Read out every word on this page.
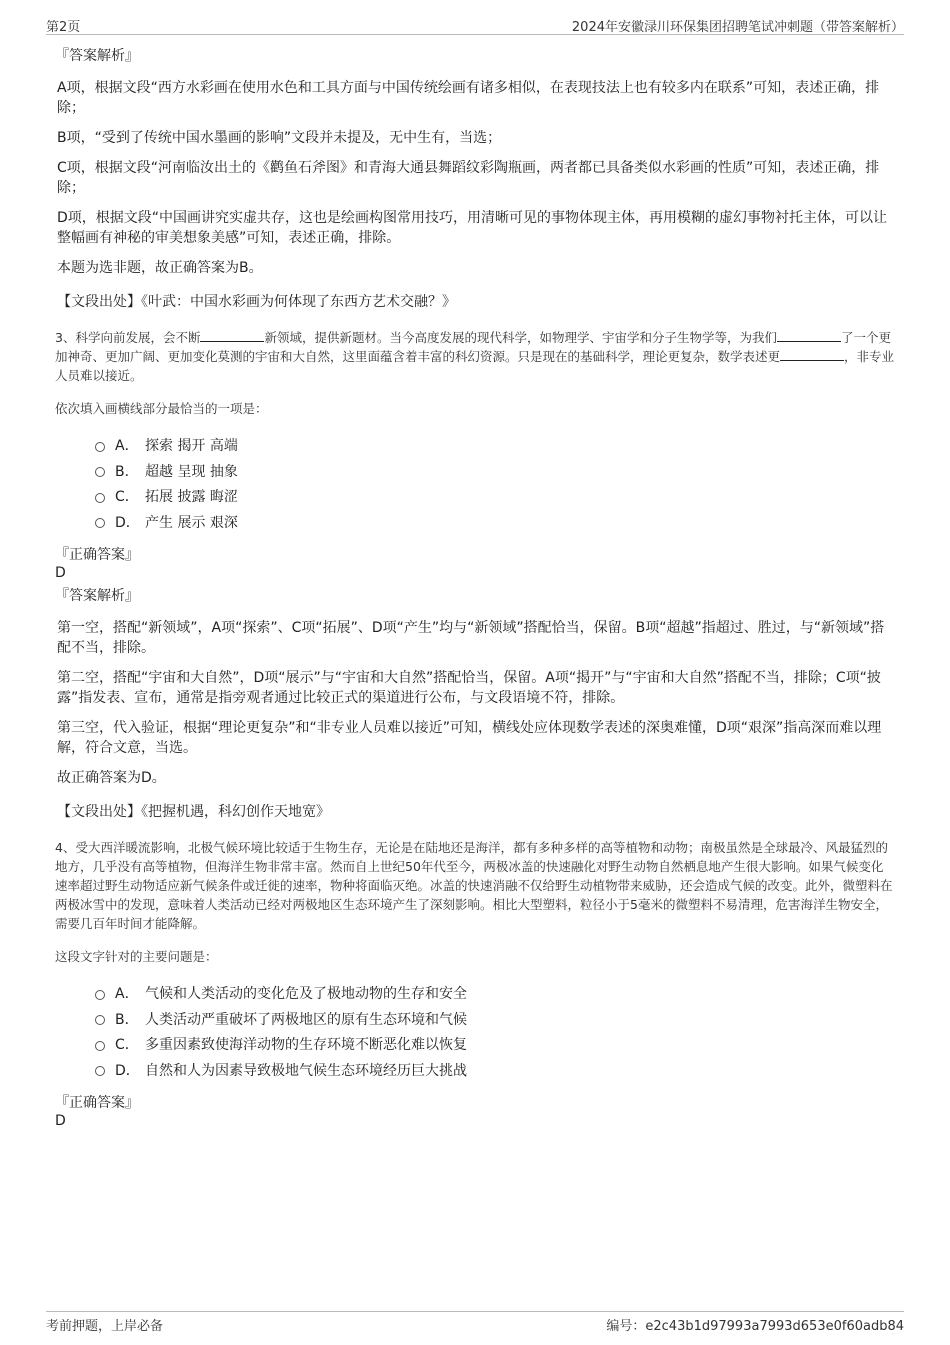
第2页	2024年安徽渌川环保集团招聘笔试冲刺题（带答案解析）
『答案解析』
A项，根据文段“西方水彩画在使用水色和工具方面与中国传统绘画有诸多相似，在表现技法上也有较多内在联系”可知，表述正确，排除；
B项，“受到了传统中国水墨画的影响”文段并未提及，无中生有，当选；
C项，根据文段“河南临汝出土的《鹳鱼石斧图》和青海大通县舞蹈纹彩陶瓶画，两者都已具备类似水彩画的性质”可知，表述正确，排除；
D项，根据文段“中国画讲究实虚共存，这也是绘画构图常用技巧，用清晰可见的事物体现主体，再用模糊的虚幻事物衬托主体，可以让整幅画有神秘的审美想象美感”可知，表述正确，排除。
本题为选非题，故正确答案为B。
【文段出处】《叶武：中国水彩画为何体现了东西方艺术交融？》
3、科学向前发展，会不断	新领域，提供新题材。当今高度发展的现代科学，如物理学、宇宙学和分子生物学等，为我们	了一个更加神奇、更加广阔、更加变化莫测的宇宙和大自然，这里面蕴含着丰富的科幻资源。只是现在的基础科学，理论更复杂，数学表述更	，非专业人员难以接近。
依次填入画横线部分最恰当的一项是：
A． 探索 揭开 高端
B． 超越 呈现 抽象
C． 拓展 披露 晦涩
D． 产生 展示 艰深
『正确答案』
D
『答案解析』
第一空，搭配“新领域”，A项“探索”、C项“拓展”、D项“产生”均与“新领域”搭配恰当，保留。B项“超越”指超过、胜过，与“新领域”搭配不当，排除。
第二空，搭配“宇宙和大自然”，D项“展示”与“宇宙和大自然”搭配恰当，保留。A项“揭开”与“宇宙和大自然”搭配不当，排除；C项“披露”指发表、宣布，通常是指旁观者通过比较正式的渠道进行公布，与文段语境不符，排除。
第三空，代入验证，根据“理论更复杂”和“非专业人员难以接近”可知，横线处应体现数学表述的深奥难懂，D项“艰深”指高深而难以理解，符合文意，当选。
故正确答案为D。
【文段出处】《把握机遇，科幻创作天地宽》
4、受大西洋暖流影响，北极气候环境比较适于生物生存，无论是在陆地还是海洋，都有多种多样的高等植物和动物；南极虽然是全球最冷、风最猛烈的地方，几乎没有高等植物，但海洋生物非常丰富。然而自上世纪50年代至今，两极冰盖的快速融化对野生动物自然栖息地产生很大影响。如果气候变化速率超过野生动物适应新气候条件或迁徙的速率，物种将面临灭绝。冰盖的快速消融不仅给野生动植物带来威胁，还会造成气候的改变。此外，微塑料在两极冰雪中的发现，意味着人类活动已经对两极地区生态环境产生了深刻影响。相比大型塑料，粒径小于5毫米的微塑料不易清理，危害海洋生物安全，需要几百年时间才能降解。
这段文字针对的主要问题是：
A． 气候和人类活动的变化危及了极地动物的生存和安全
B． 人类活动严重破坏了两极地区的原有生态环境和气候
C． 多重因素致使海洋动物的生存环境不断恶化难以恢复
D． 自然和人为因素导致极地气候生态环境经历巨大挑战
『正确答案』
D
考前押题，上岸必备	编号：e2c43b1d97993a7993d653e0f60adb84
